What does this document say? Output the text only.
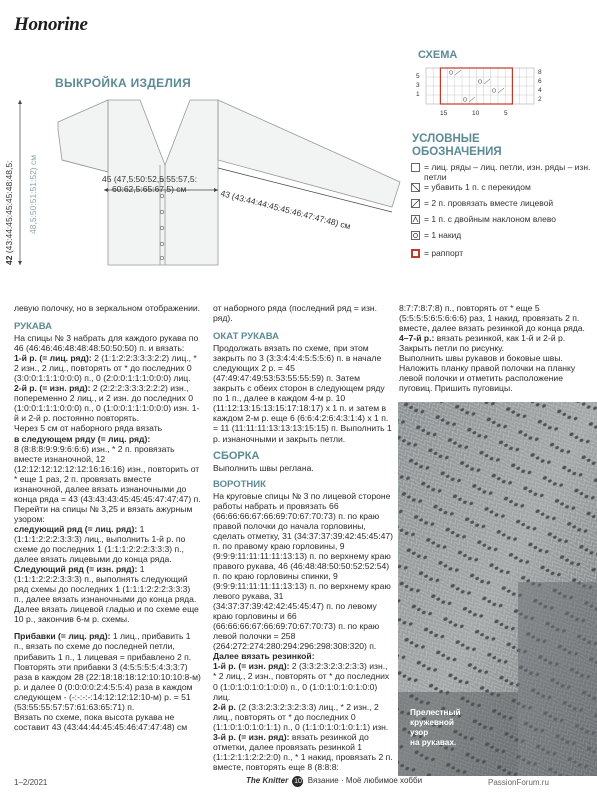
Honorine
ВЫКРОЙКА ИЗДЕЛИЯ
45 (47,5:50:52,5:55:57,5:
60:62,5:65:67,5) см	43 (43:44:44:45:45:46:47:47:48) см
42 (43:44:45:45:45:48:48,5: 48,5:50:51:51:52) см
СХЕМА
8
6
4
2
5
3
1
15	10	5
УСЛОВНЫЕ
ОБОЗНАЧЕНИЯ
= лиц. ряды – лиц. петли, изн. ряды – изн. петли
= убавить 1 п. с перекидом
= 2 п. провязать вместе лицевой
= 1 п. с двойным наклоном влево
= 1 накид
= раппорт

левую полочку, но в зеркальном отображении.

РУКАВА

На спицы № 3 набрать для каждого рукава по 46 (46:46:46:48:48:48:50:50:50) п. и вязать:

1-й р. (= лиц. ряд): 2 (1:1:2:2:3:3:3:2:2) лиц., * 2 изн., 2 лиц., повторять от * до последних 0 (3:0:0:1:1:1:0:0:0) п., 0 (2:0:0:1:1:1:0:0:0) лиц.

2-й р. (= изн. ряд): 2 (2:2:2:3:3:3:2:2:2) изн., попеременно 2 лиц., и 2 изн. до последних 0 (1:0:0:1:1:1:0:0:0) п., 0 (1:0:0:1:1:1:0:0:0) изн. 1-й и 2-й р. постоянно повторять.

Через 5 см от наборного ряда вязать

в следующем ряду (= лиц. ряд):

8 (8:8:8:9:9:9:6:6:6) изн., * 2 п. провязать вместе изнаночной, 12 (12:12:12:12:12:12:16:16:16) изн., повторить от * еще 1 раз, 2 п. провязать вместе изнаночной, далее вязать изнаночными до конца ряда = 43 (43:43:43:45:45:45:47:47:47) п.

Перейти на спицы № 3,25 и вязать ажурным узором:

следующий ряд (= лиц. ряд): 1 (1:1:1:2:2:2:3:3:3) лиц., выполнить 1-й р. по схеме до последних 1 (1:1:1:2:2:2:3:3:3) п., далее вязать лицевыми до конца ряда.

Следующий ряд (= изн. ряд): 1 (1:1:1:2:2:2:3:3:3) п., выполнять следующий ряд схемы до последних 1 (1:1:1:2:2:2:3:3:3) п., далее вязать изнаночными до конца ряда. Далее вязать лицевой гладью и по схеме еще 10 р., закончив 6-м р. схемы.

Прибавки (= лиц. ряд): 1 лиц., прибавить 1 п., вязать по схеме до последней петли, прибавить 1 п., 1 лицевая = прибавлено 2 п. Повторять эти прибавки 3 (4:5:5:5:5:4:3:3:7) раза в каждом 28 (22:18:18:18:12:10:10:10:8-м) р. и далее 0 (0:0:0:0:2:4:5:5:4) раза в каждом следующем - (-:-:-:-:14:12:12:12:10-м) р. = 51 (53:55:55:57:57:61:63:65:71) п.

Вязать по схеме, пока высота рукава не составит 43 (43:44:44:45:45:46:47:47:48) см

от наборного ряда (последний ряд = изн. ряд).

ОКАТ РУКАВА

Продолжать вязать по схеме, при этом закрыть по 3 (3:3:4:4:4:5:5:5:6) п. в начале следующих 2 р. = 45 (47:49:47:49:53:53:55:55:59) п. Затем закрыть с обеих сторон в следующем ряду по 1 п., далее в каждом 4-м р. 10 (11:12:13:15:13:15:17:18:17) х 1 п. и затем в каждом 2-м р. еще 6 (6:6:4:2:6:4:3:1:4) х 1 п. = 11 (11:11:11:13:13:13:15:15) п. Выполнить 1 р. изнаночными и закрыть петли.

СБОРКА

Выполнить швы реглана.

ВОРОТНИК

На круговые спицы № 3 по лицевой стороне работы набрать и провязать 66 (66:66:66:67:66:69:70:67:70:73) п. по краю правой полочки до начала горловины, сделать отметку, 31 (34:37:37:39:42:45:45:47) п. по правому краю горловины, 9 (9:9:9:11:11:11:11:13:13) п. по верхнему краю правого рукава, 46 (46:48:48:50:50:52:52:54) п. по краю горловины спинки, 9 (9:9:9:11:11:11:11:13:13) п. по верхнему краю левого рукава, 31 (34:37:37:39:42:42:45:45:47) п. по левому краю горловины и 66 (66:66:66:67:66:69:70:67:70:73) п. по краю левой полочки = 258 (264:272:274:280:294:296:298:308:320) п.

Далее вязать резинкой:

1-й р. (= изн. ряд): 2 (3:3:2:3:2:3:2:3:3) изн., * 2 лиц., 2 изн., повторять от * до последних 0 (1:0:1:0:1:0:1:0:0) п., 0 (1:0:1:0:1:0:1:0:0) лиц.

2-й р. (2 (3:3:2:3:2:3:2:3:3) лиц., * 2 изн., 2 лиц., повторять от * до последних 0 (1:1:0:1:0:1:0:1:1) п., 0 (1:1:0:1:0:1:0:1:1) изн.

3-й р. (= изн. ряд): вязать резинкой до отметки, далее провязать резинкой 1 (1:1:2:1:1:2:2:2:0) п., * 1 накид, провязать 2 п. вместе, повторять еще 8 (8:8:8:

8:7:7:8:7:8) п., повторять от * еще 5 (5:5:5:5:6:5:6:6:6) раз, 1 накид, провязать 2 п. вместе, далее вязать резинкой до конца ряда.

4–7-й р.: вязать резинкой, как 1-й и 2-й р. Закрыть петли по рисунку.

Выполнить швы рукавов и боковые швы. Наложить планку правой полочки на планку левой полочки и отметить расположение пуговиц. Пришить пуговицы.

Прелестный
кружевной
узор
на рукавах.
1–2/2021	The Knitter 10 Вязание · Моё любимое хобби	PassionForum.ru
